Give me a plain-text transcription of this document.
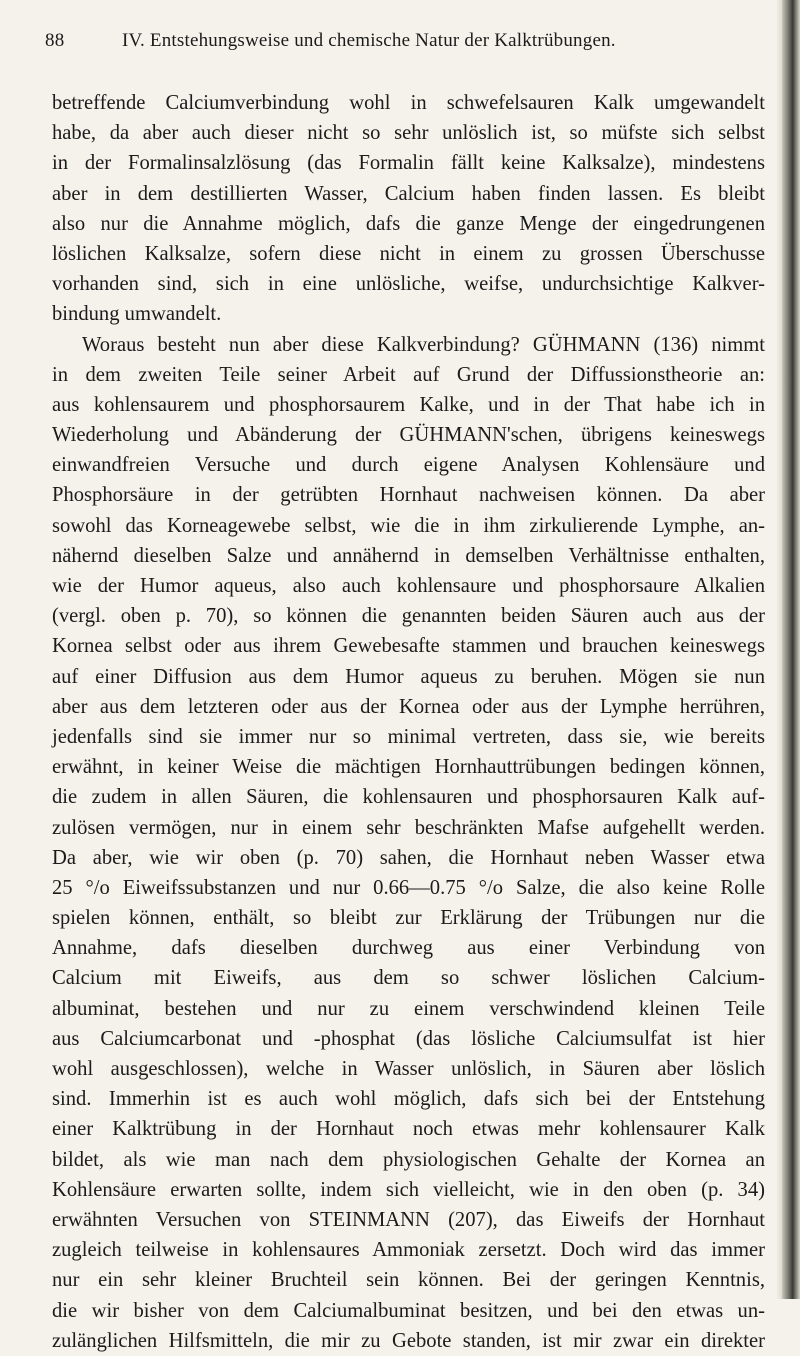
88	IV. Entstehungsweise und chemische Natur der Kalktrübungen.
betreffende Calciumverbindung wohl in schwefelsauren Kalk umgewandelt
habe, da aber auch dieser nicht so sehr unlöslich ist, so müfste sich selbst
in der Formalinsalzlösung (das Formalin fällt keine Kalksalze), mindestens
aber in dem destillierten Wasser, Calcium haben finden lassen. Es bleibt
also nur die Annahme möglich, dafs die ganze Menge der eingedrungenen
löslichen Kalksalze, sofern diese nicht in einem zu grossen Überschusse
vorhanden sind, sich in eine unlösliche, weifse, undurchsichtige Kalkver-
bindung umwandelt.
Woraus besteht nun aber diese Kalkverbindung? GÜHMANN (136) nimmt
in dem zweiten Teile seiner Arbeit auf Grund der Diffussionstheorie an:
aus kohlensaurem und phosphorsaurem Kalke, und in der That habe ich in
Wiederholung und Abänderung der GÜHMANN'schen, übrigens keineswegs
einwandfreien Versuche und durch eigene Analysen Kohlensäure und
Phosphorsäure in der getrübten Hornhaut nachweisen können. Da aber
sowohl das Korneagewebe selbst, wie die in ihm zirkulierende Lymphe, an-
nähernd dieselben Salze und annähernd in demselben Verhältnisse enthalten,
wie der Humor aqueus, also auch kohlensaure und phosphorsaure Alkalien
(vergl. oben p. 70), so können die genannten beiden Säuren auch aus der
Kornea selbst oder aus ihrem Gewebesafte stammen und brauchen keineswegs
auf einer Diffusion aus dem Humor aqueus zu beruhen. Mögen sie nun
aber aus dem letzteren oder aus der Kornea oder aus der Lymphe herrühren,
jedenfalls sind sie immer nur so minimal vertreten, dass sie, wie bereits
erwähnt, in keiner Weise die mächtigen Hornhauttrübungen bedingen können,
die zudem in allen Säuren, die kohlensauren und phosphorsauren Kalk auf-
zulösen vermögen, nur in einem sehr beschränkten Mafse aufgehellt werden.
Da aber, wie wir oben (p. 70) sahen, die Hornhaut neben Wasser etwa
25 °/o Eiweifssubstanzen und nur 0.66—0.75 °/o Salze, die also keine Rolle
spielen können, enthält, so bleibt zur Erklärung der Trübungen nur die
Annahme, dafs dieselben durchweg aus einer Verbindung von
Calcium mit Eiweifs, aus dem so schwer löslichen Calcium-
albuminat, bestehen und nur zu einem verschwindend kleinen Teile
aus Calciumcarbonat und -phosphat (das lösliche Calciumsulfat ist hier
wohl ausgeschlossen), welche in Wasser unlöslich, in Säuren aber löslich
sind. Immerhin ist es auch wohl möglich, dafs sich bei der Entstehung
einer Kalktrübung in der Hornhaut noch etwas mehr kohlensaurer Kalk
bildet, als wie man nach dem physiologischen Gehalte der Kornea an
Kohlensäure erwarten sollte, indem sich vielleicht, wie in den oben (p. 34)
erwähnten Versuchen von STEINMANN (207), das Eiweifs der Hornhaut
zugleich teilweise in kohlensaures Ammoniak zersetzt. Doch wird das immer
nur ein sehr kleiner Bruchteil sein können. Bei der geringen Kenntnis,
die wir bisher von dem Calciumalbuminat besitzen, und bei den etwas un-
zulänglichen Hilfsmitteln, die mir zu Gebote standen, ist mir zwar ein direkter
